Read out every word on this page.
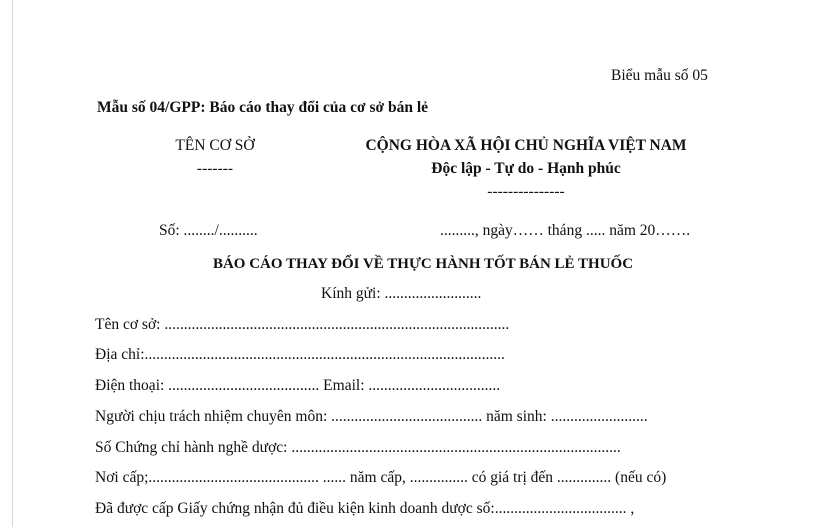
Biểu mẫu số 05
Mẫu số 04/GPP: Báo cáo thay đổi của cơ sở bán lẻ
TÊN CƠ SỞ
-------
CỘNG HÒA XÃ HỘI CHỦ NGHĨA VIỆT NAM
Độc lập - Tự do - Hạnh phúc
---------------
Số: ......../..........	........., ngày…… tháng ..... năm 20…….
BÁO CÁO THAY ĐỔI VỀ THỰC HÀNH TỐT BÁN LẺ THUỐC
Kính gửi: .........................
Tên cơ sở: .........................................................................................
Địa chỉ:.............................................................................................
Điện thoại: ....................................... Email: ..................................
Người chịu trách nhiệm chuyên môn: ....................................... năm sinh: .........................
Số Chứng chỉ hành nghề dược: .....................................................................................
Nơi cấp;............................................ ...... năm cấp, ............... có giá trị đến .............. (nếu có)
Đã được cấp Giấy chứng nhận đủ điều kiện kinh doanh dược số:.................................. ,
